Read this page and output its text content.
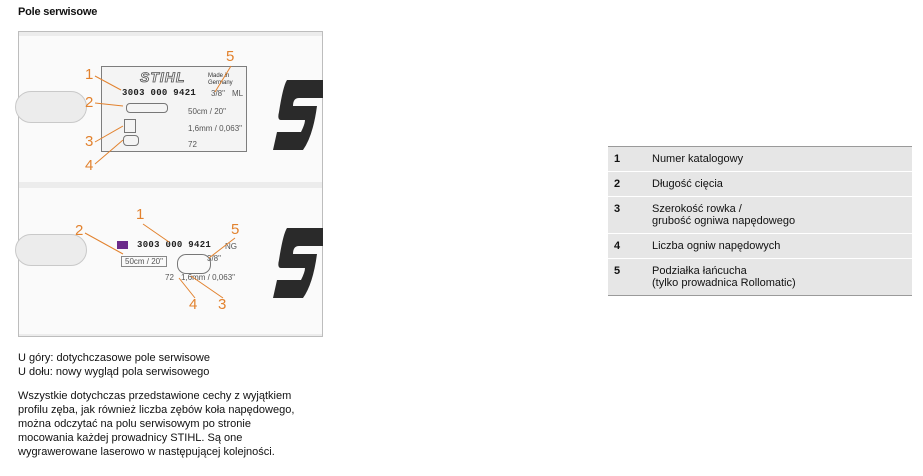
Pole serwisowe
STIHL	Made in Germany
3003 000 9421 3/8" ML
50cm / 20"
1,6mm / 0,063"
72
1
2
3
4
5
3003 000 9421 NG
50cm / 20"	3/8"
72 1,6mm / 0,063"
1
2
3
4
5
U góry: dotychczasowe pole serwisowe
U dołu: nowy wygląd pola serwisowego
Wszystkie dotychczas przedstawione cechy z wyjątkiem
profilu zęba, jak również liczba zębów koła napędowego,
można odczytać na polu serwisowym po stronie
mocowania każdej prowadnicy STIHL. Są one
wygrawerowane laserowo w następującej kolejności.
1	Numer katalogowy
2	Długość cięcia
3	Szerokość rowka /
grubość ogniwa napędowego
4	Liczba ogniw napędowych
5	Podziałka łańcucha
(tylko prowadnica Rollomatic)
